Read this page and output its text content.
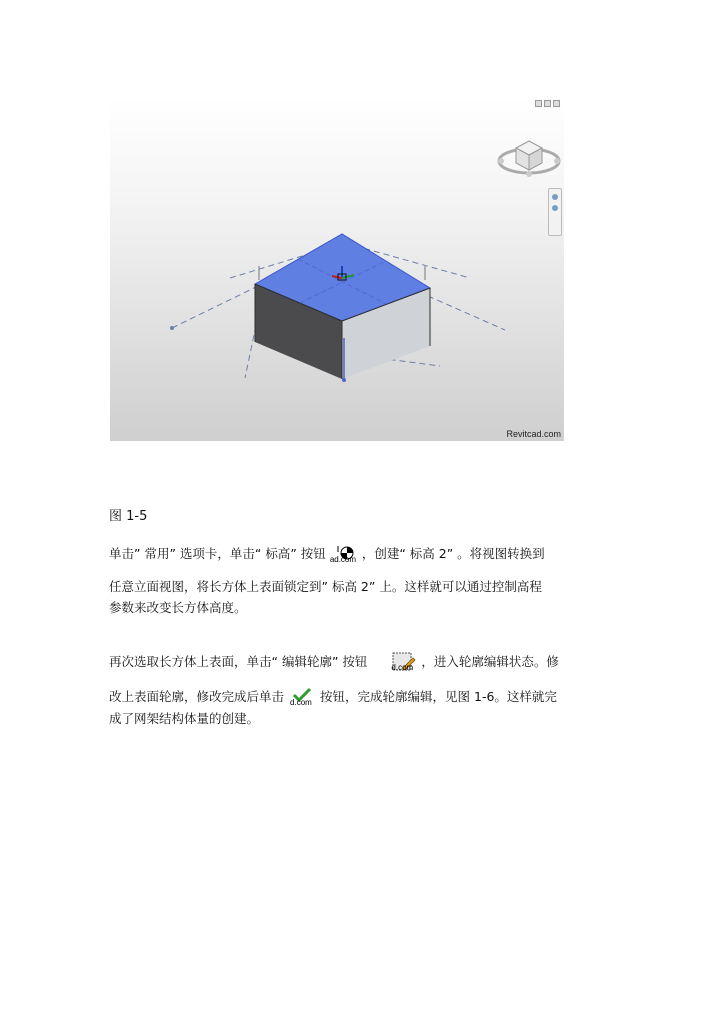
Revitcad.com
图 1-5
单击” 常用” 选项卡，单击“ 标高” 按钮 ad.com ，创建“ 标高 2” 。将视图转换到
任意立面视图，将长方体上表面锁定到” 标高 2” 上。这样就可以通过控制高程
参数来改变长方体高度。
再次选取长方体上表面，单击“ 编辑轮廓” 按钮	d.com ，进入轮廓编辑状态。修
改上表面轮廓，修改完成后单击 d.com 按钮，完成轮廓编辑，见图 1-6。这样就完
成了网架结构体量的创建。
